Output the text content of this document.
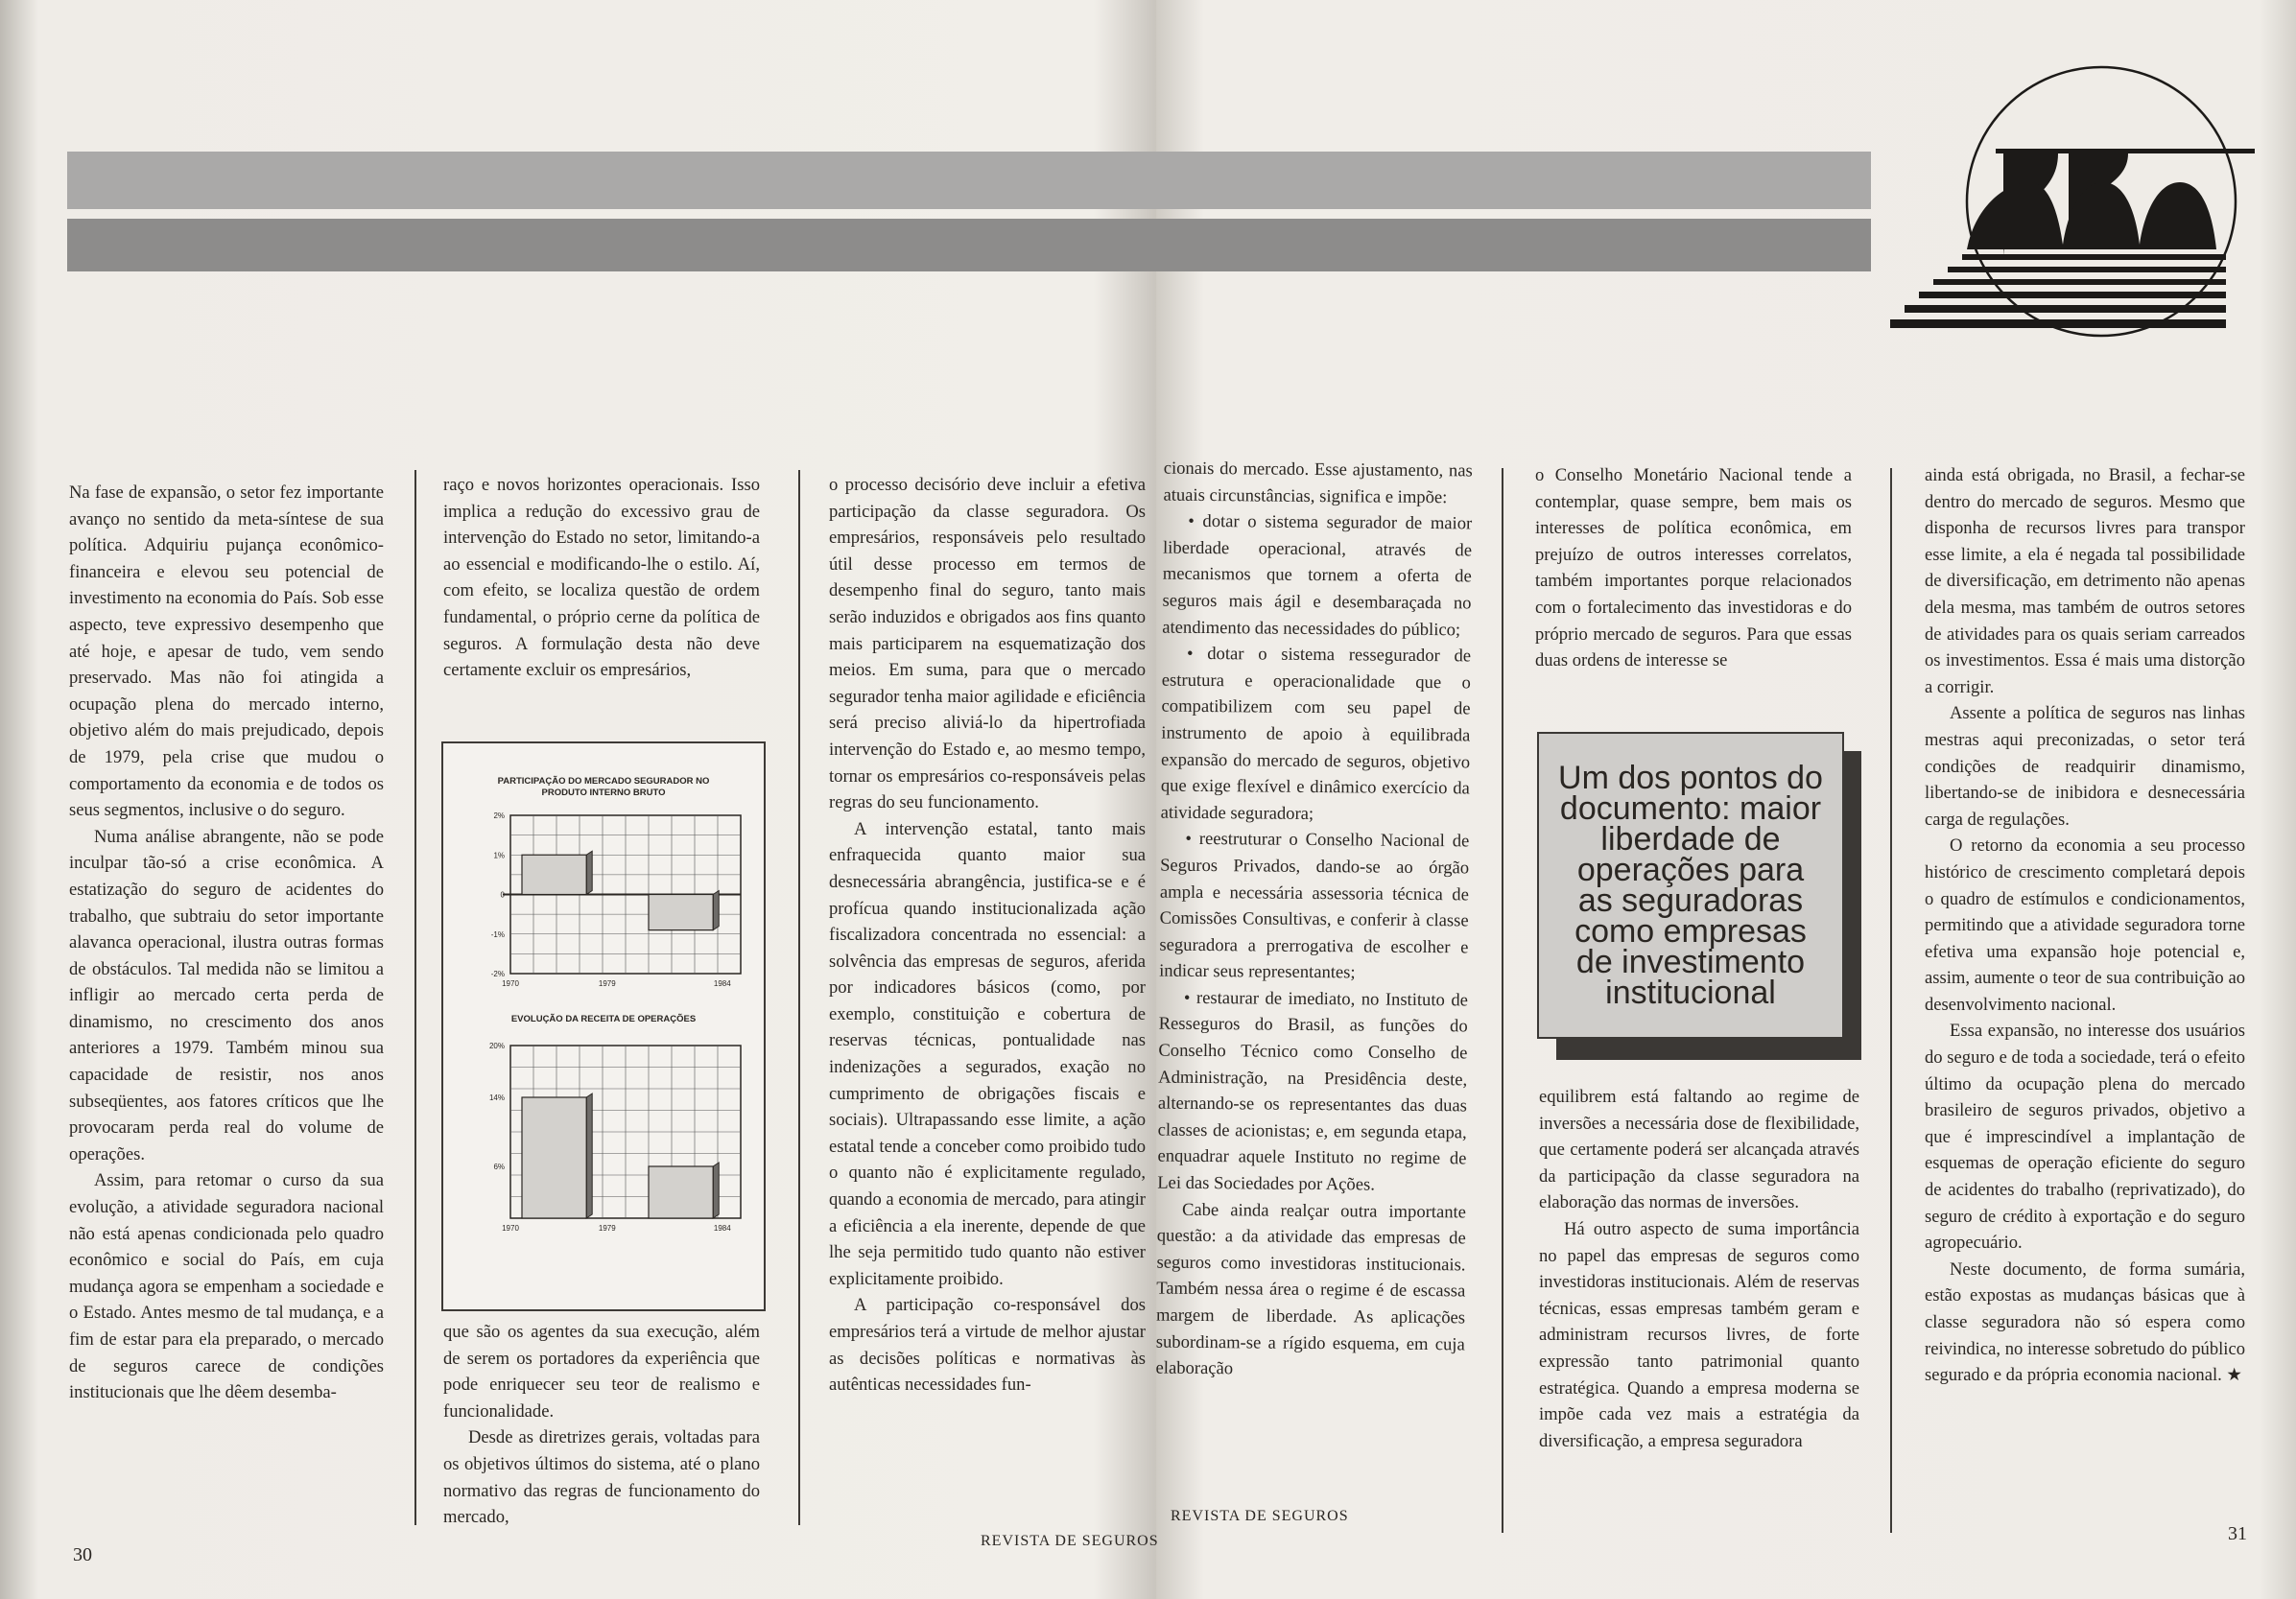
Na fase de expansão, o setor fez importante avanço no sentido da meta-síntese de sua política. Adquiriu pujança econômico-financeira e elevou seu potencial de investimento na economia do País. Sob esse aspecto, teve expressivo desempenho que até hoje, e apesar de tudo, vem sendo preservado. Mas não foi atingida a ocupação plena do mercado interno, objetivo além do mais prejudicado, depois de 1979, pela crise que mudou o comportamento da economia e de todos os seus segmentos, inclusive o do seguro.

Numa análise abrangente, não se pode inculpar tão-só a crise econômica. A estatização do seguro de acidentes do trabalho, que subtraiu do setor importante alavanca operacional, ilustra outras formas de obstáculos. Tal medida não se limitou a infligir ao mercado certa perda de dinamismo, no crescimento dos anos anteriores a 1979. Também minou sua capacidade de resistir, nos anos subseqüentes, aos fatores críticos que lhe provocaram perda real do volume de operações.

Assim, para retomar o curso da sua evolução, a atividade seguradora nacional não está apenas condicionada pelo quadro econômico e social do País, em cuja mudança agora se empenham a sociedade e o Estado. Antes mesmo de tal mudança, e a fim de estar para ela preparado, o mercado de seguros carece de condições institucionais que lhe dêem desemba-

raço e novos horizontes operacionais. Isso implica a redução do excessivo grau de intervenção do Estado no setor, limitando-a ao essencial e modificando-lhe o estilo. Aí, com efeito, se localiza questão de ordem fundamental, o próprio cerne da política de seguros. A formulação desta não deve certamente excluir os empresários,

PARTICIPAÇÃO DO MERCADO SEGURADOR NO
PRODUTO INTERNO BRUTO
2%
1%
0
-1%
-2%
1970	1979	1984
EVOLUÇÃO DA RECEITA DE OPERAÇÕES
20%
14%
6%
1970	1979	1984

que são os agentes da sua execução, além de serem os portadores da experiência que pode enriquecer seu teor de realismo e funcionalidade.

Desde as diretrizes gerais, voltadas para os objetivos últimos do sistema, até o plano normativo das regras de funcionamento do mercado,

o processo decisório deve incluir a efetiva participação da classe seguradora. Os empresários, responsáveis pelo resultado útil desse processo em termos de desempenho final do seguro, tanto mais serão induzidos e obrigados aos fins quanto mais participarem na esquematização dos meios. Em suma, para que o mercado segurador tenha maior agilidade e eficiência será preciso aliviá-lo da hipertrofiada intervenção do Estado e, ao mesmo tempo, tornar os empresários co-responsáveis pelas regras do seu funcionamento.

A intervenção estatal, tanto mais enfraquecida quanto maior sua desnecessária abrangência, justifica-se e é profícua quando institucionalizada ação fiscalizadora concentrada no essencial: a solvência das empresas de seguros, aferida por indicadores básicos (como, por exemplo, constituição e cobertura de reservas técnicas, pontualidade nas indenizações a segurados, exação no cumprimento de obrigações fiscais e sociais). Ultrapassando esse limite, a ação estatal tende a conceber como proibido tudo o quanto não é explicitamente regulado, quando a economia de mercado, para atingir a eficiência a ela inerente, depende de que lhe seja permitido tudo quanto não estiver explicitamente proibido.

A participação co-responsável dos empresários terá a virtude de melhor ajustar as decisões políticas e normativas às autênticas necessidades fun-

30
REVISTA DE SEGUROS

cionais do mercado. Esse ajustamento, nas atuais circunstâncias, significa e impõe:

• dotar o sistema segurador de maior liberdade operacional, através de mecanismos que tornem a oferta de seguros mais ágil e desembaraçada no atendimento das necessidades do público;

• dotar o sistema ressegurador de estrutura e operacionalidade que o compatibilizem com seu papel de instrumento de apoio à equilibrada expansão do mercado de seguros, objetivo que exige flexível e dinâmico exercício da atividade seguradora;

• reestruturar o Conselho Nacional de Seguros Privados, dando-se ao órgão ampla e necessária assessoria técnica de Comissões Consultivas, e conferir à classe seguradora a prerrogativa de escolher e indicar seus representantes;

• restaurar de imediato, no Instituto de Resseguros do Brasil, as funções do Conselho Técnico como Conselho de Administração, na Presidência deste, alternando-se os representantes das duas classes de acionistas; e, em segunda etapa, enquadrar aquele Instituto no regime de Lei das Sociedades por Ações.

Cabe ainda realçar outra importante questão: a da atividade das empresas de seguros como investidoras institucionais. Também nessa área o regime é de escassa margem de liberdade. As aplicações subordinam-se a rígido esquema, em cuja elaboração

REVISTA DE SEGUROS

o Conselho Monetário Nacional tende a contemplar, quase sempre, bem mais os interesses de política econômica, em prejuízo de outros interesses correlatos, também importantes porque relacionados com o fortalecimento das investidoras e do próprio mercado de seguros. Para que essas duas ordens de interesse se

Um dos pontos do documento: maior liberdade de operações para as seguradoras como empresas de investimento institucional

equilibrem está faltando ao regime de inversões a necessária dose de flexibilidade, que certamente poderá ser alcançada através da participação da classe seguradora na elaboração das normas de inversões.

Há outro aspecto de suma importância no papel das empresas de seguros como investidoras institucionais. Além de reservas técnicas, essas empresas também geram e administram recursos livres, de forte expressão tanto patrimonial quanto estratégica. Quando a empresa moderna se impõe cada vez mais a estratégia da diversificação, a empresa seguradora

ainda está obrigada, no Brasil, a fechar-se dentro do mercado de seguros. Mesmo que disponha de recursos livres para transpor esse limite, a ela é negada tal possibilidade de diversificação, em detrimento não apenas dela mesma, mas também de outros setores de atividades para os quais seriam carreados os investimentos. Essa é mais uma distorção a corrigir.

Assente a política de seguros nas linhas mestras aqui preconizadas, o setor terá condições de readquirir dinamismo, libertando-se de inibidora e desnecessária carga de regulações.

O retorno da economia a seu processo histórico de crescimento completará depois o quadro de estímulos e condicionamentos, permitindo que a atividade seguradora torne efetiva uma expansão hoje potencial e, assim, aumente o teor de sua contribuição ao desenvolvimento nacional.

Essa expansão, no interesse dos usuários do seguro e de toda a sociedade, terá o efeito último da ocupação plena do mercado brasileiro de seguros privados, objetivo a que é imprescindível a implantação de esquemas de operação eficiente do seguro de acidentes do trabalho (reprivatizado), do seguro de crédito à exportação e do seguro agropecuário.

Neste documento, de forma sumária, estão expostas as mudanças básicas que à classe seguradora não só espera como reivindica, no interesse sobretudo do público segurado e da própria economia nacional. ★

31
